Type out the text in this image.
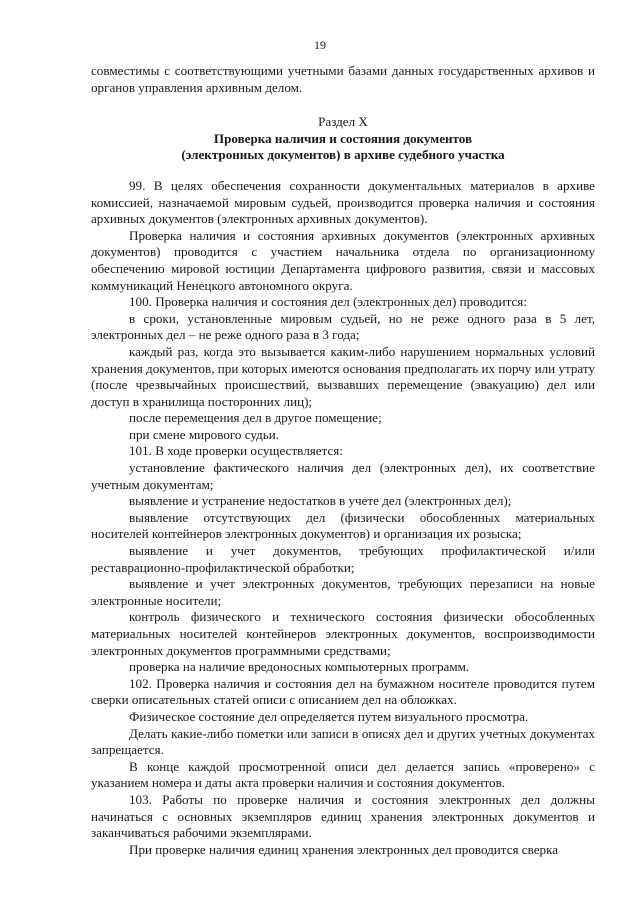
19

совместимы с соответствующими учетными базами данных государственных архивов и органов управления архивным делом.

Раздел X

Проверка наличия и состояния документов

(электронных документов) в архиве судебного участка

99. В целях обеспечения сохранности документальных материалов в архиве комиссией, назначаемой мировым судьей, производится проверка наличия и состояния архивных документов (электронных архивных документов).

Проверка наличия и состояния архивных документов (электронных архивных документов) проводится с участием начальника отдела по организационному обеспечению мировой юстиции Департамента цифрового развития, связи и массовых коммуникаций Ненецкого автономного округа.

100. Проверка наличия и состояния дел (электронных дел) проводится:

в сроки, установленные мировым судьей, но не реже одного раза в 5 лет, электронных дел – не реже одного раза в 3 года;

каждый раз, когда это вызывается каким-либо нарушением нормальных условий хранения документов, при которых имеются основания предполагать их порчу или утрату (после чрезвычайных происшествий, вызвавших перемещение (эвакуацию) дел или доступ в хранилища посторонних лиц);

после перемещения дел в другое помещение;

при смене мирового судьи.

101. В ходе проверки осуществляется:

установление фактического наличия дел (электронных дел), их соответствие учетным документам;

выявление и устранение недостатков в учете дел (электронных дел);

выявление отсутствующих дел (физически обособленных материальных носителей контейнеров электронных документов) и организация их розыска;

выявление и учет документов, требующих профилактической и/или реставрационно-профилактической обработки;

выявление и учет электронных документов, требующих перезаписи на новые электронные носители;

контроль физического и технического состояния физически обособленных материальных носителей контейнеров электронных документов, воспроизводимости электронных документов программными средствами;

проверка на наличие вредоносных компьютерных программ.

102. Проверка наличия и состояния дел на бумажном носителе проводится путем сверки описательных статей описи с описанием дел на обложках.

Физическое состояние дел определяется путем визуального просмотра.

Делать какие-либо пометки или записи в описях дел и других учетных документах запрещается.

В конце каждой просмотренной описи дел делается запись «проверено» с указанием номера и даты акта проверки наличия и состояния документов.

103. Работы по проверке наличия и состояния электронных дел должны начинаться с основных экземпляров единиц хранения электронных документов и заканчиваться рабочими экземплярами.

При проверке наличия единиц хранения электронных дел проводится сверка
